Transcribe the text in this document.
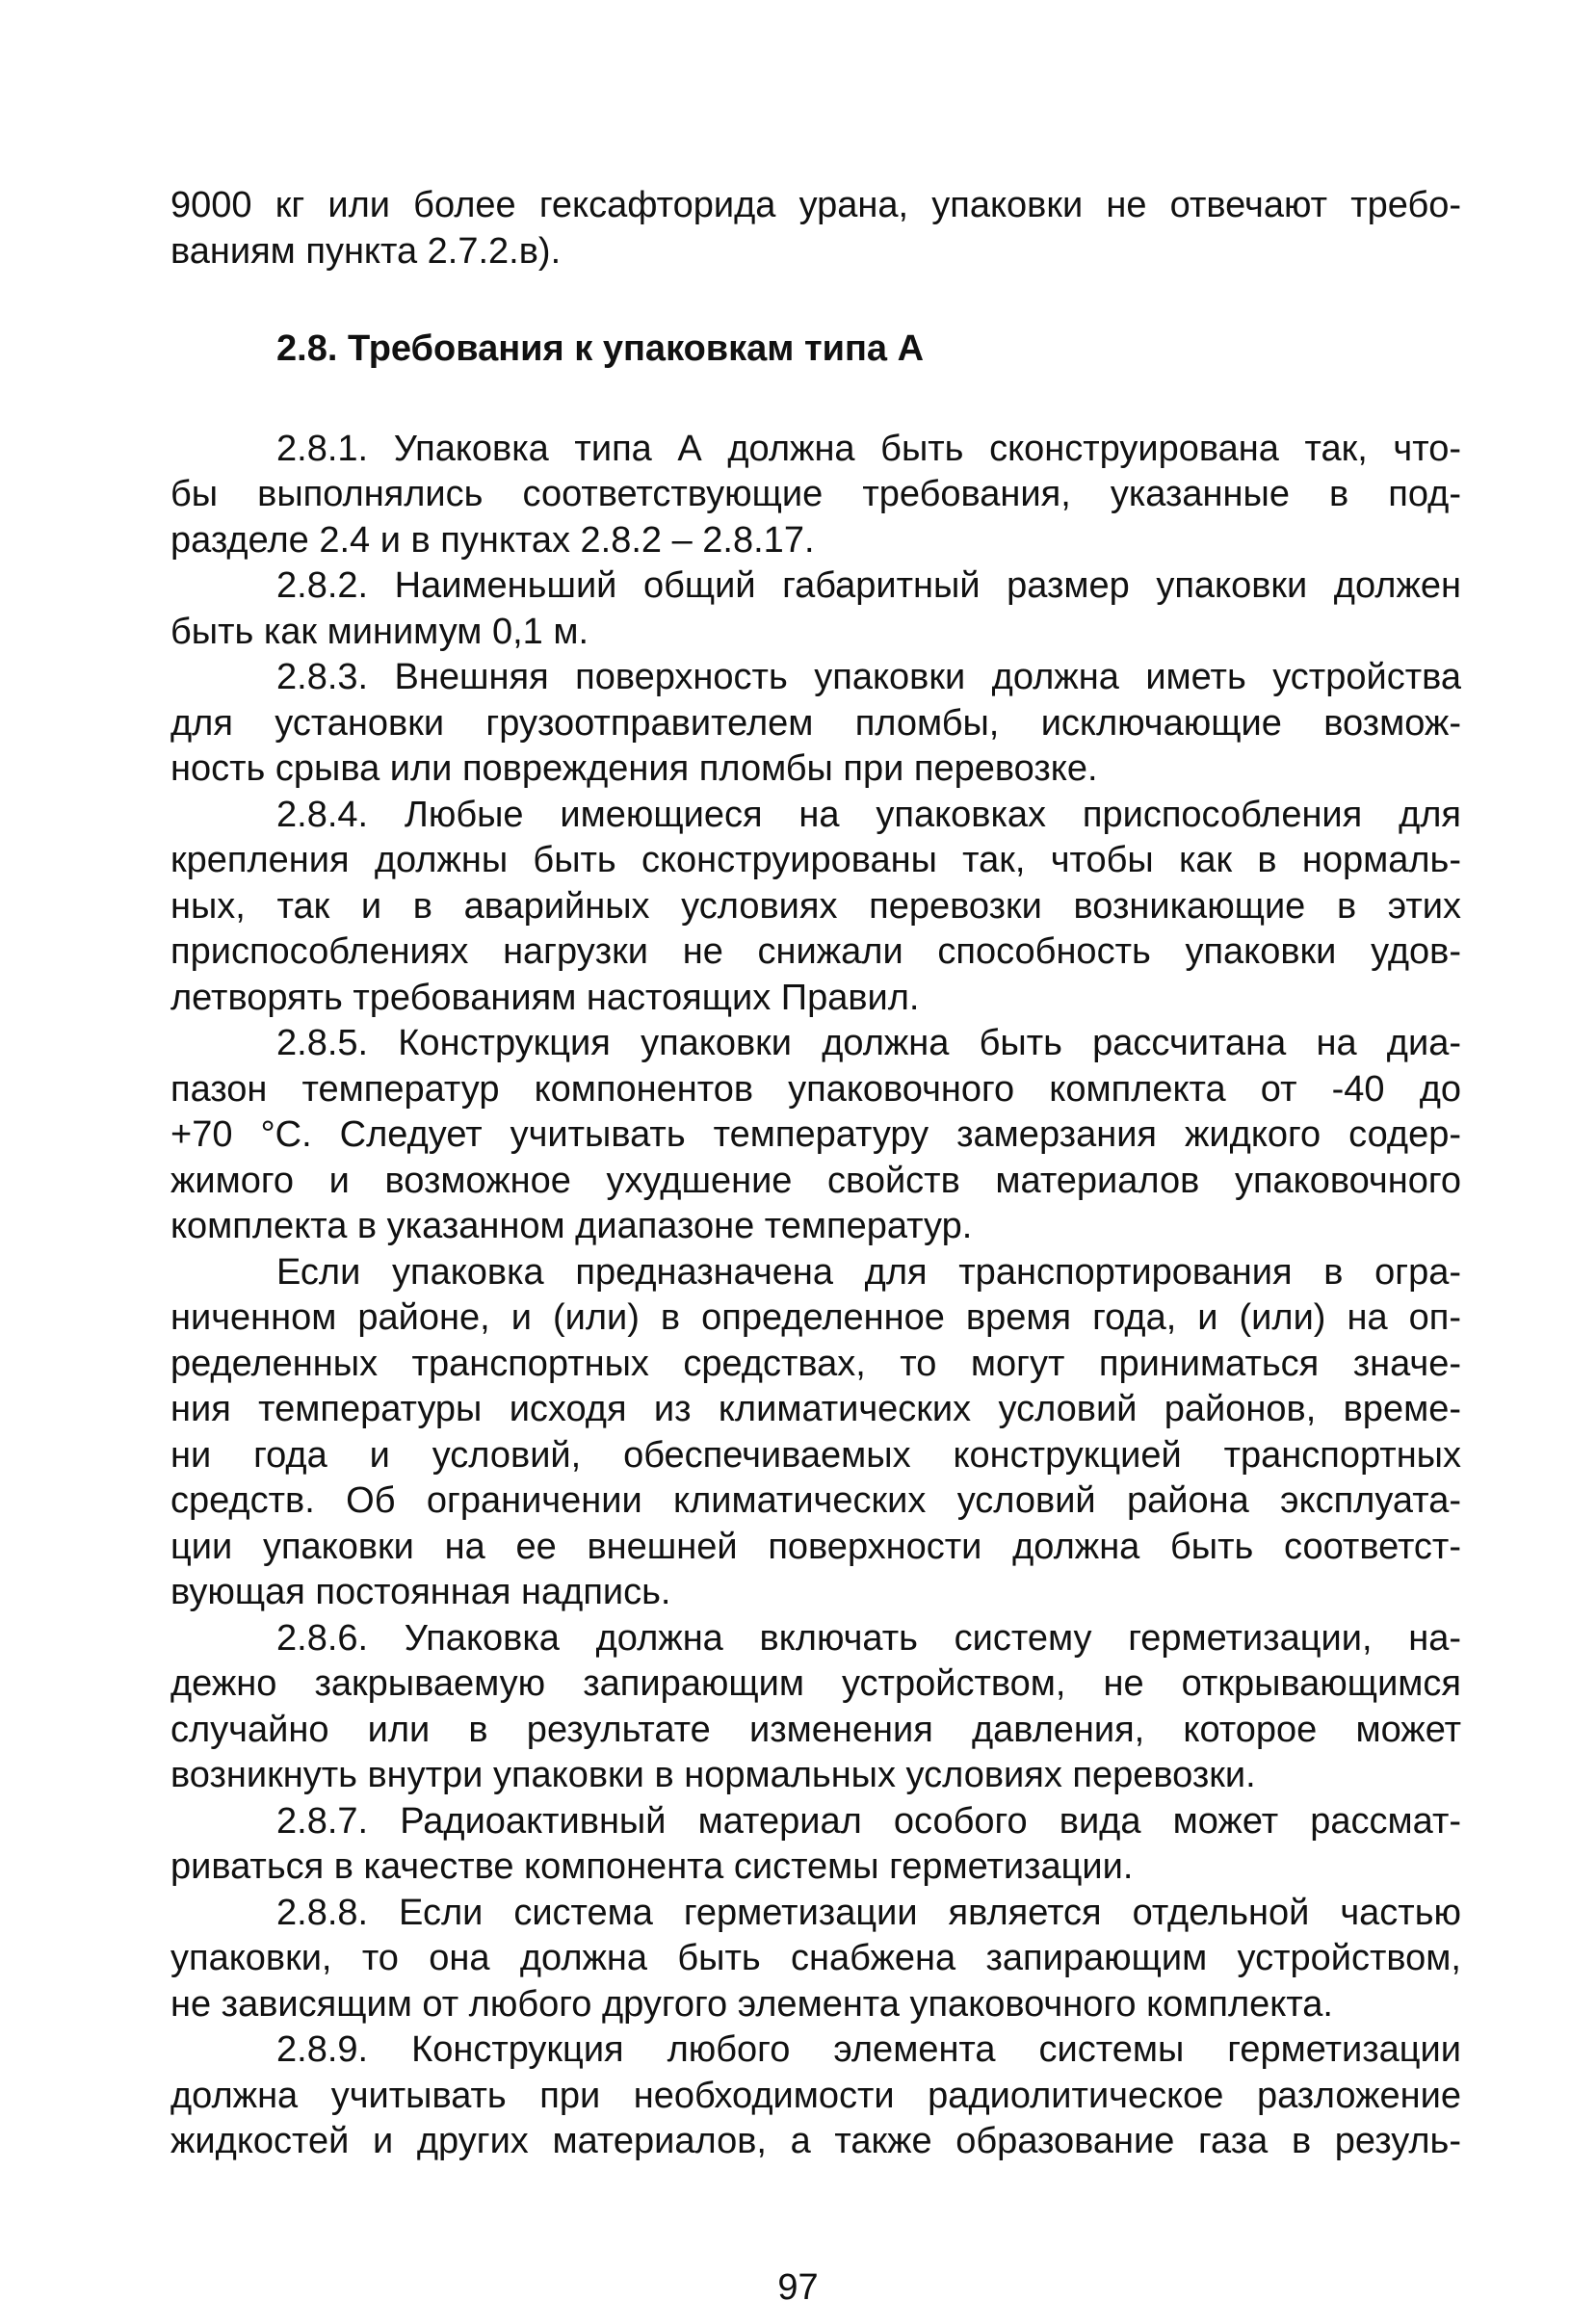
9000 кг или более гексафторида урана, упаковки не отвечают требо-
ваниям пункта 2.7.2.в).
2.8. Требования к упаковкам типа А
2.8.1. Упаковка типа А должна быть сконструирована так, что-
бы выполнялись соответствующие требования, указанные в под-
разделе 2.4 и в пунктах 2.8.2 – 2.8.17.
2.8.2. Наименьший общий габаритный размер упаковки должен
быть как минимум 0,1 м.
2.8.3. Внешняя поверхность упаковки должна иметь устройства
для установки грузоотправителем пломбы, исключающие возмож-
ность срыва или повреждения пломбы при перевозке.
2.8.4. Любые имеющиеся на упаковках приспособления для
крепления должны быть сконструированы так, чтобы как в нормаль-
ных, так и в аварийных условиях перевозки возникающие в этих
приспособлениях нагрузки не снижали способность упаковки удов-
летворять требованиям настоящих Правил.
2.8.5. Конструкция упаковки должна быть рассчитана на диа-
пазон температур компонентов упаковочного комплекта от -40 до
+70 °С. Следует учитывать температуру замерзания жидкого содер-
жимого и возможное ухудшение свойств материалов упаковочного
комплекта в указанном диапазоне температур.
Если упаковка предназначена для транспортирования в огра-
ниченном районе, и (или) в определенное время года, и (или) на оп-
ределенных транспортных средствах, то могут приниматься значе-
ния температуры исходя из климатических условий районов, време-
ни года и условий, обеспечиваемых конструкцией транспортных
средств. Об ограничении климатических условий района эксплуата-
ции упаковки на ее внешней поверхности должна быть соответст-
вующая постоянная надпись.
2.8.6. Упаковка должна включать систему герметизации, на-
дежно закрываемую запирающим устройством, не открывающимся
случайно или в результате изменения давления, которое может
возникнуть внутри упаковки в нормальных условиях перевозки.
2.8.7. Радиоактивный материал особого вида может рассмат-
риваться в качестве компонента системы герметизации.
2.8.8. Если система герметизации является отдельной частью
упаковки, то она должна быть снабжена запирающим устройством,
не зависящим от любого другого элемента упаковочного комплекта.
2.8.9. Конструкция любого элемента системы герметизации
должна учитывать при необходимости радиолитическое разложение
жидкостей и других материалов, а также образование газа в резуль-
97
